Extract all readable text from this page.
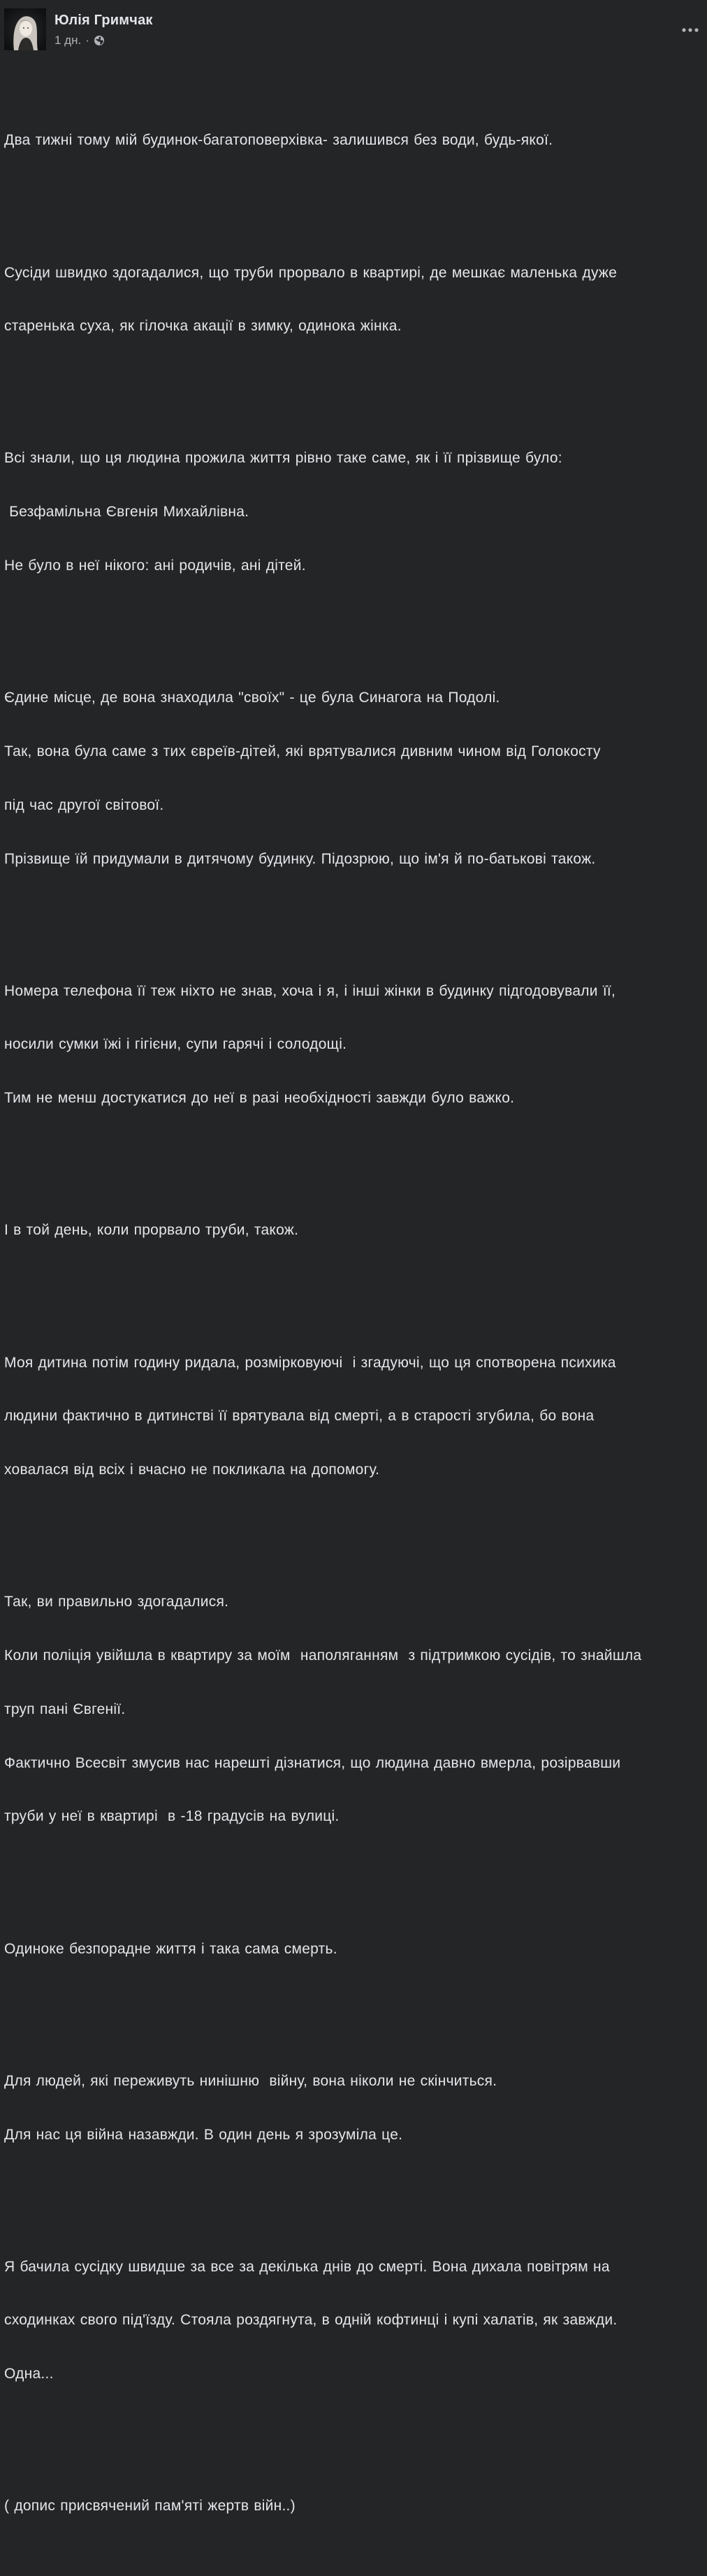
Юлія Гримчак
1 дн. ·

Два тижні тому мій будинок-багатоповерхівка- залишився без води, будь-якої.

Сусіди швидко здогадалися, що труби прорвало в квартирі, де мешкає маленька дуже

старенька суха, як гілочка акації в зимку, одинока жінка.

Всі знали, що ця людина прожила життя рівно таке саме, як і її прізвище було:

Безфамільна Євгенія Михайлівна.

Не було в неї нікого: ані родичів, ані дітей.

Єдине місце, де вона знаходила "своїх" - це була Синагога на Подолі.

Так, вона була саме з тих євреїв-дітей, які врятувалися дивним чином від Голокосту

під час другої світової.

Прізвище їй придумали в дитячому будинку. Підозрюю, що ім'я й по-батькові також.

Номера телефона її теж ніхто не знав, хоча і я, і інші жінки в будинку підгодовували її,

носили сумки їжі і гігієни, супи гарячі і солодощі.

Тим не менш достукатися до неї в разі необхідності завжди було важко.

І в той день, коли прорвало труби, також.

Моя дитина потім годину ридала, розмірковуючі  і згадуючі, що ця спотворена психика

людини фактично в дитинстві її врятувала від смерті, а в старості згубила, бо вона

ховалася від всіх і вчасно не покликала на допомогу.

Так, ви правильно здогадалися.

Коли поліція увійшла в квартиру за моїм  наполяганням  з підтримкою сусідів, то знайшла

труп пані Євгенії.

Фактично Всесвіт змусив нас нарешті дізнатися, що людина давно вмерла, розірвавши

труби у неї в квартирі  в -18 градусів на вулиці.

Одиноке безпорадне життя і така сама смерть.

Для людей, які переживуть нинішню  війну, вона ніколи не скінчиться.

Для нас ця війна назавжди. В один день я зрозуміла це.

Я бачила сусідку швидше за все за декілька днів до смерті. Вона дихала повітрям на

сходинках свого під'їзду. Стояла роздягнута, в одній кофтинці і купі халатів, як завжди.

Одна...

( допис присвячений пам'яті жертв війн..)
